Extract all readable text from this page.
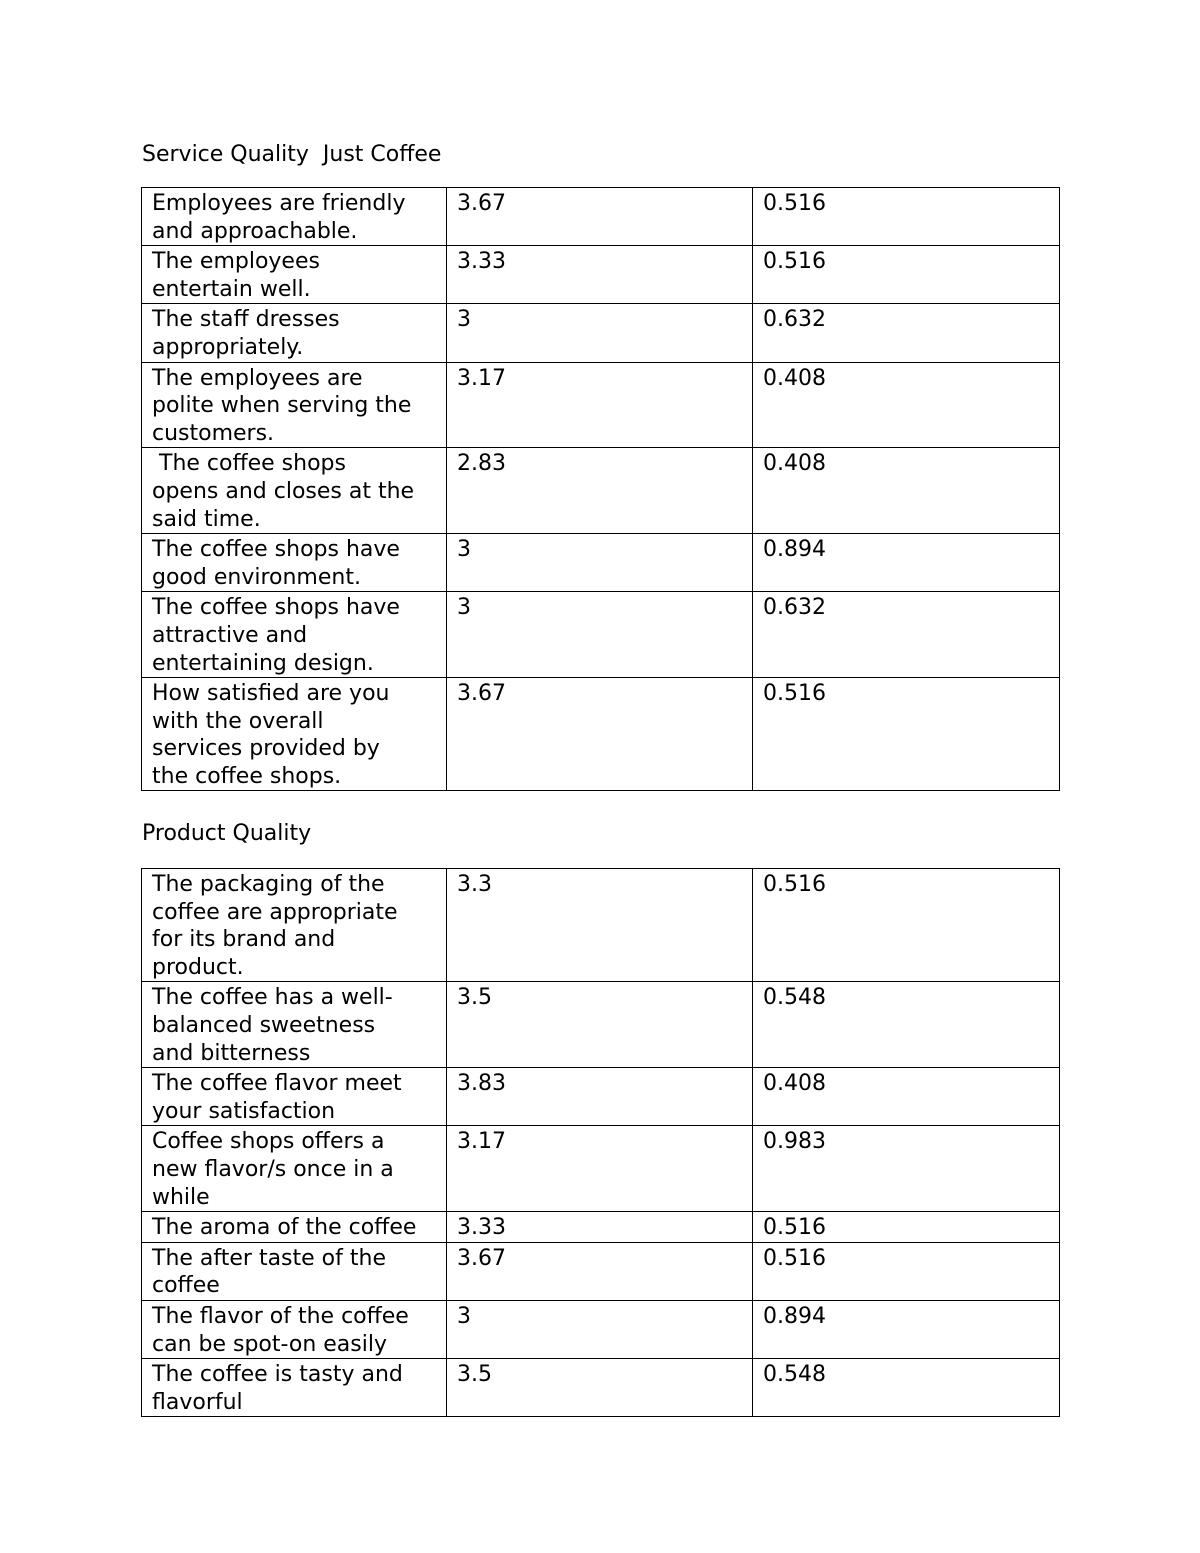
Service Quality  Just Coffee
Employees are friendly
and approachable.	3.67	0.516
The employees
entertain well.	3.33	0.516
The staff dresses
appropriately.	3	0.632
The employees are
polite when serving the
customers.	3.17	0.408
The coffee shops
opens and closes at the
said time.	2.83	0.408
The coffee shops have
good environment.	3	0.894
The coffee shops have
attractive and
entertaining design.	3	0.632
How satisfied are you
with the overall
services provided by
the coffee shops.	3.67	0.516
Product Quality
The packaging of the
coffee are appropriate
for its brand and
product.	3.3	0.516
The coffee has a well-
balanced sweetness
and bitterness	3.5	0.548
The coffee flavor meet
your satisfaction	3.83	0.408
Coffee shops offers a
new flavor/s once in a
while	3.17	0.983
The aroma of the coffee	3.33	0.516
The after taste of the
coffee	3.67	0.516
The flavor of the coffee
can be spot-on easily	3	0.894
The coffee is tasty and
flavorful	3.5	0.548
